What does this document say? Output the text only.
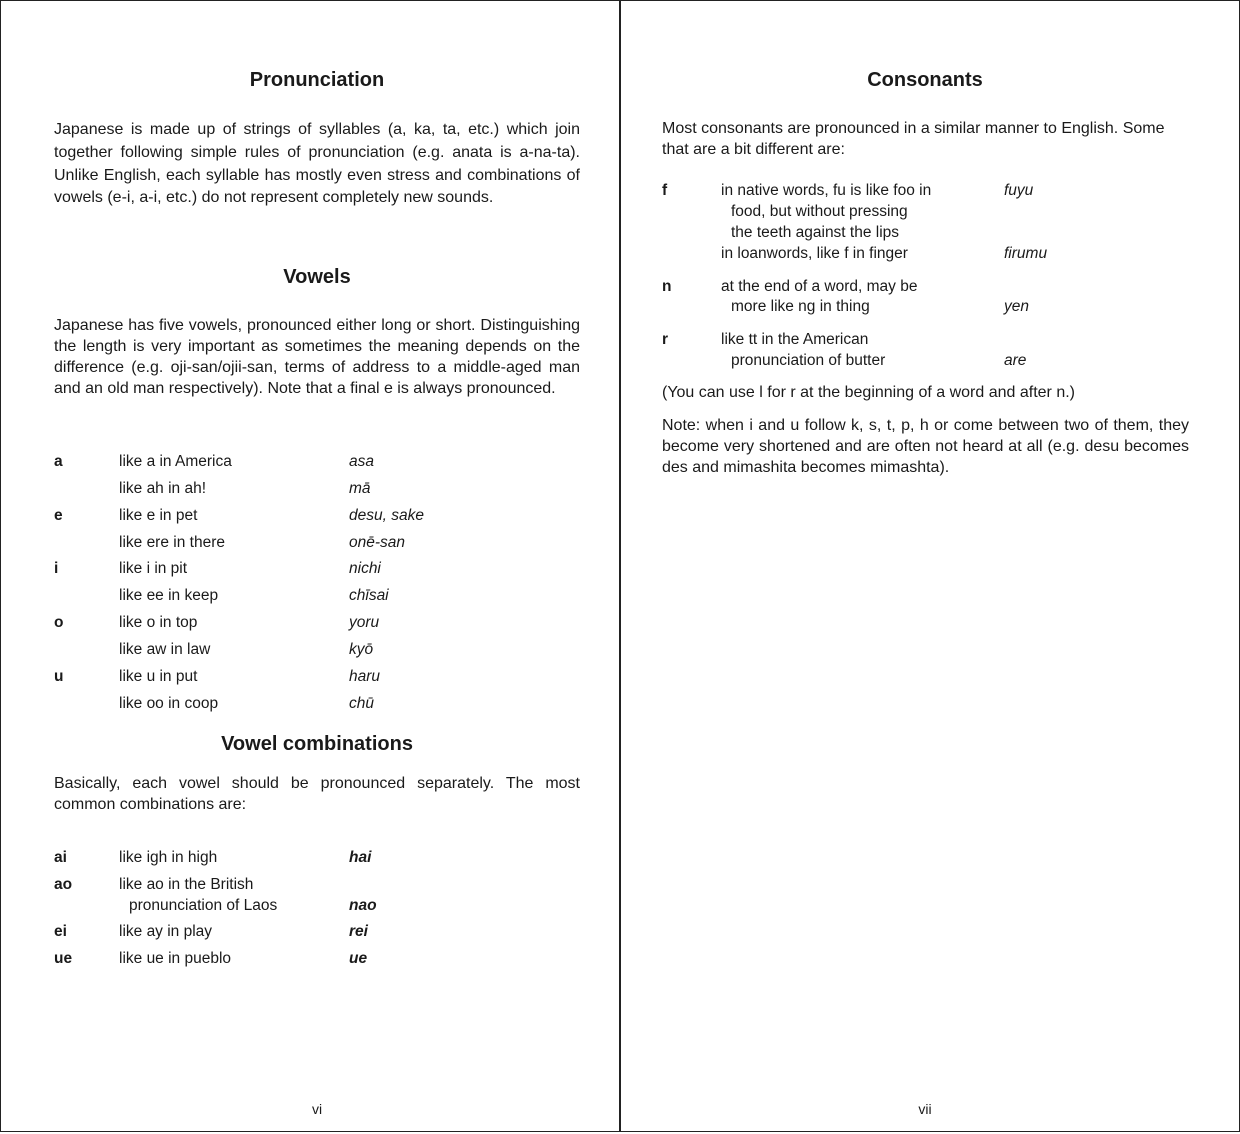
Pronunciation
Japanese is made up of strings of syllables (a, ka, ta, etc.) which join together following simple rules of pronunciation (e.g. anata is a-na-ta). Unlike English, each syllable has mostly even stress and combinations of vowels (e-i, a-i, etc.) do not represent completely new sounds.
Vowels
Japanese has five vowels, pronounced either long or short. Distinguishing the length is very important as sometimes the meaning depends on the difference (e.g. oji-san/ojii-san, terms of address to a middle-aged man and an old man respectively). Note that a final e is always pronounced.
a	like a in America	asa
like ah in ah!	mā
e	like e in pet	desu, sake
like ere in there	onē-san
i	like i in pit	nichi
like ee in keep	chīsai
o	like o in top	yoru
like aw in law	kyō
u	like u in put	haru
like oo in coop	chū
Vowel combinations
Basically, each vowel should be pronounced separately. The most common combinations are:
ai	like igh in high	hai
ao	like ao in the British
pronunciation of Laos	nao
ei	like ay in play	rei
ue	like ue in pueblo	ue
vi
Consonants
Most consonants are pronounced in a similar manner to English. Some that are a bit different are:
f	in native words, fu is like foo in	fuyu
food, but without pressing
the teeth against the lips
in loanwords, like f in finger	firumu
n	at the end of a word, may be
more like ng in thing	yen
r	like tt in the American
pronunciation of butter	are
(You can use l for r at the beginning of a word and after n.)
Note: when i and u follow k, s, t, p, h or come between two of them, they become very shortened and are often not heard at all (e.g. desu becomes des and mimashita becomes mimashta).
vii
